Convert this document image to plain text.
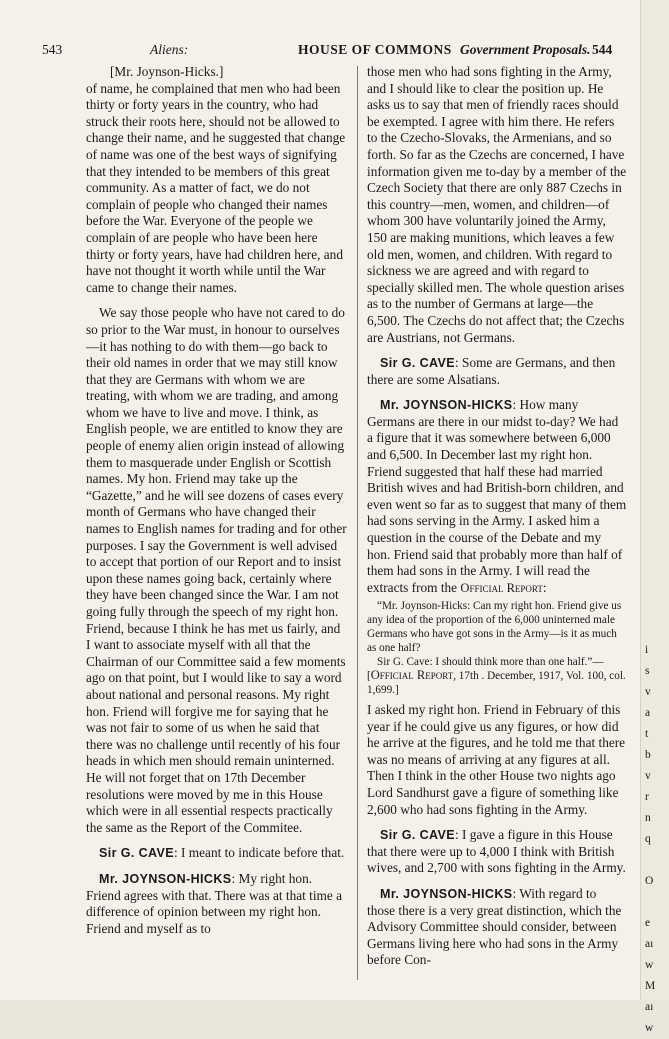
543	Aliens:	HOUSE OF COMMONS Government Proposals. 544

[Mr. Joynson-Hicks.]

of name, he complained that men who had been thirty or forty years in the country, who had struck their roots here, should not be allowed to change their name, and he suggested that change of name was one of the best ways of signifying that they intended to be members of this great community. As a matter of fact, we do not complain of people who changed their names before the War. Everyone of the people we complain of are people who have been here thirty or forty years, have had children here, and have not thought it worth while until the War came to change their names.

We say those people who have not cared to do so prior to the War must, in honour to ourselves—it has nothing to do with them—go back to their old names in order that we may still know that they are Germans with whom we are treating, with whom we are trading, and among whom we have to live and move. I think, as English people, we are entitled to know they are people of enemy alien origin instead of allowing them to masquerade under English or Scottish names. My hon. Friend may take up the “Gazette,” and he will see dozens of cases every month of Germans who have changed their names to English names for trading and for other purposes. I say the Government is well advised to accept that portion of our Report and to insist upon these names going back, certainly where they have been changed since the War. I am not going fully through the speech of my right hon. Friend, because I think he has met us fairly, and I want to associate myself with all that the Chairman of our Committee said a few moments ago on that point, but I would like to say a word about national and personal reasons. My right hon. Friend will forgive me for saying that he was not fair to some of us when he said that there was no challenge until recently of his four heads in which men should remain uninterned. He will not forget that on 17th December resolutions were moved by me in this House which were in all essential respects practically the same as the Report of the Commitee.

Sir G. CAVE: I meant to indicate before that.

Mr. JOYNSON-HICKS: My right hon. Friend agrees with that. There was at that time a difference of opinion between my right hon. Friend and myself as to

those men who had sons fighting in the Army, and I should like to clear the position up. He asks us to say that men of friendly races should be exempted. I agree with him there. He refers to the Czecho-Slovaks, the Armenians, and so forth. So far as the Czechs are concerned, I have information given me to-day by a member of the Czech Society that there are only 887 Czechs in this country—men, women, and children—of whom 300 have voluntarily joined the Army, 150 are making munitions, which leaves a few old men, women, and children. With regard to sickness we are agreed and with regard to specially skilled men. The whole question arises as to the number of Germans at large—the 6,500. The Czechs do not affect that; the Czechs are Austrians, not Germans.

Sir G. CAVE: Some are Germans, and then there are some Alsatians.

Mr. JOYNSON-HICKS: How many Germans are there in our midst to-day? We had a figure that it was somewhere between 6,000 and 6,500. In December last my right hon. Friend suggested that half these had married British wives and had British-born children, and even went so far as to suggest that many of them had sons serving in the Army. I asked him a question in the course of the Debate and my hon. Friend said that probably more than half of them had sons in the Army. I will read the extracts from the Official Report:

“Mr. Joynson-Hicks: Can my right hon. Friend give us any idea of the proportion of the 6,000 uninterned male Germans who have got sons in the Army—is it as much as one half?

Sir G. Cave: I should think more than one half.”—[Official Report, 17th . December, 1917, Vol. 100, col. 1,699.]

I asked my right hon. Friend in February of this year if he could give us any figures, or how did he arrive at the figures, and he told me that there was no means of arriving at any figures at all. Then I think in the other House two nights ago Lord Sandhurst gave a figure of something like 2,600 who had sons fighting in the Army.

Sir G. CAVE: I gave a figure in this House that there were up to 4,000 I think with British wives, and 2,700 with sons fighting in the Army.

Mr. JOYNSON-HICKS: With regard to those there is a very great distinction, which the Advisory Committee should consider, between Germans living here who had sons in the Army before Con-

i
s
v
a
t
b
v
r
n
q

O

e
aı
w
M
aı
w
